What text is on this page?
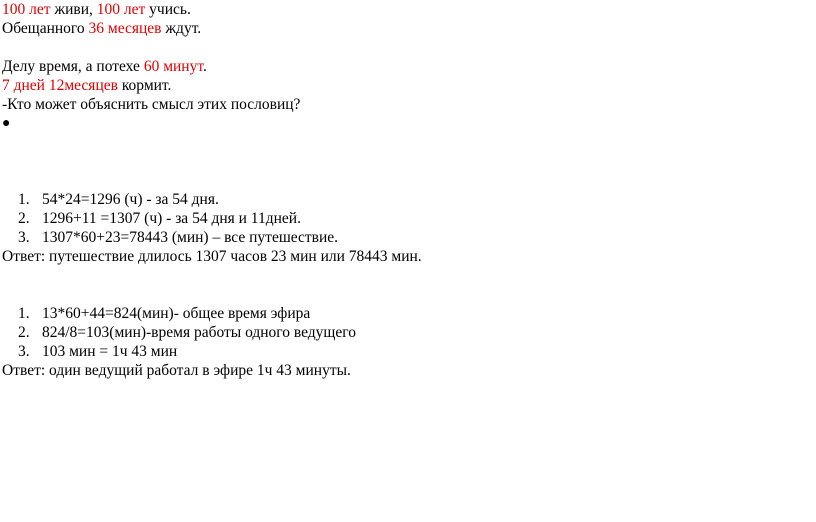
100 лет живи, 100 лет учись.
Обещанного 36 месяцев ждут.
Делу время, а потехе 60 минут.
7 дней 12месяцев кормит.
-Кто может объяснить смысл этих пословиц?
●
1. 54*24=1296 (ч) - за 54 дня.
2. 1296+11 =1307 (ч) - за 54 дня и 11дней.
3. 1307*60+23=78443 (мин) – все путешествие.
Ответ: путешествие длилось 1307 часов 23 мин или 78443 мин.
1. 13*60+44=824(мин)- общее время эфира
2. 824/8=103(мин)-время работы одного ведущего
3. 103 мин = 1ч 43 мин
Ответ: один ведущий работал в эфире 1ч 43 минуты.
